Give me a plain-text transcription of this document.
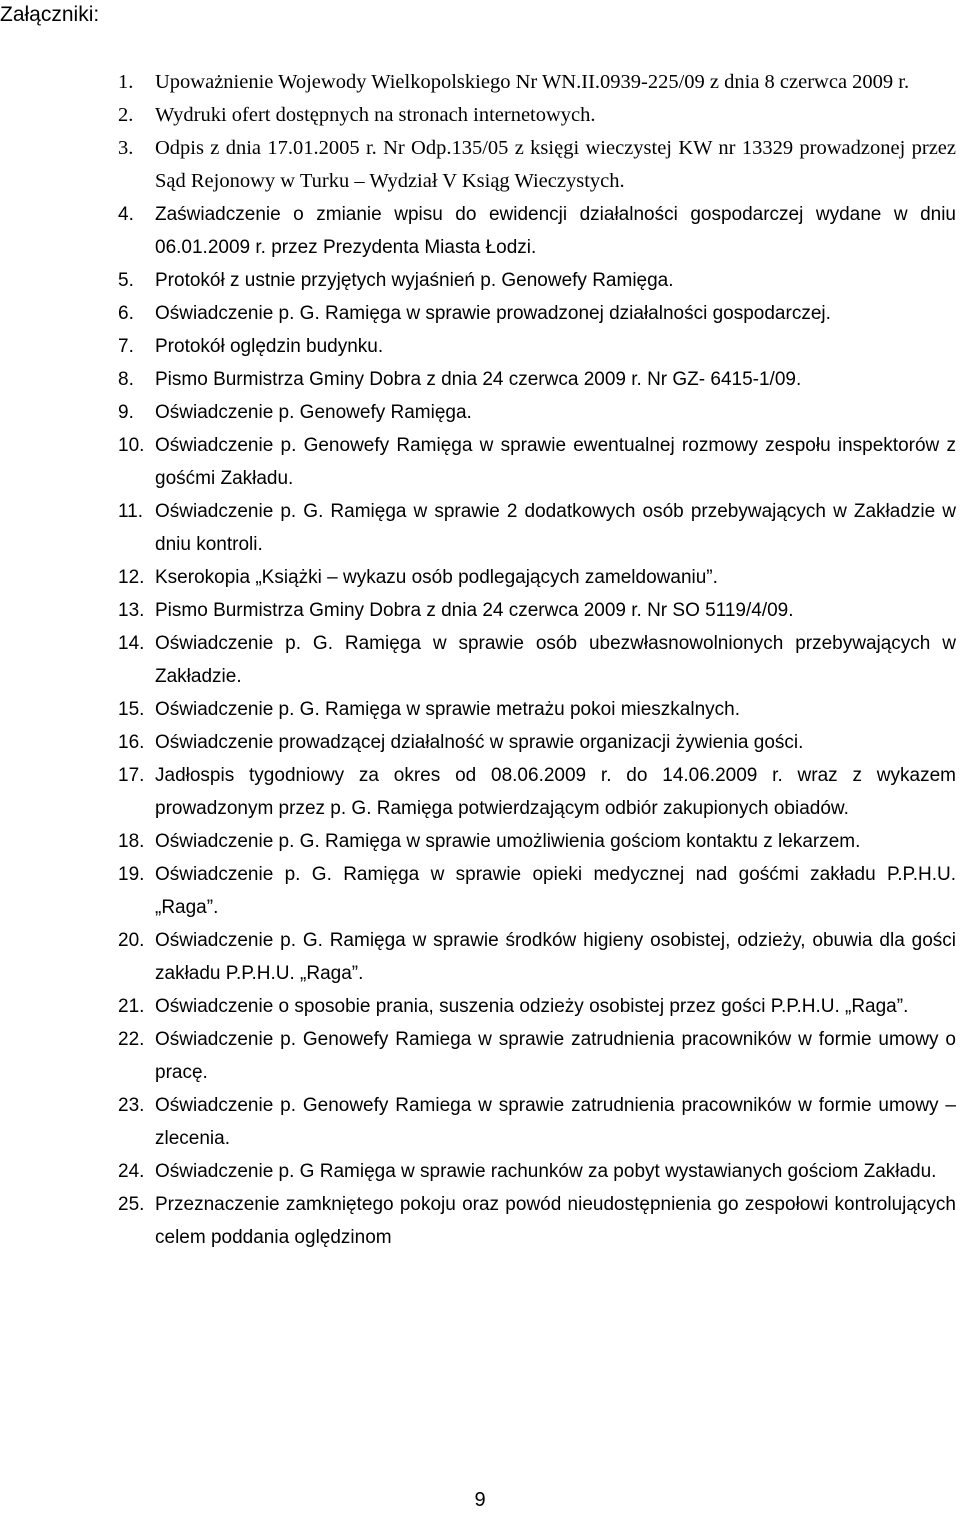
Załączniki:
1.	Upoważnienie Wojewody Wielkopolskiego Nr WN.II.0939-225/09 z dnia 8 czerwca 2009 r.
2.	Wydruki ofert dostępnych na stronach internetowych.
3.	Odpis z dnia 17.01.2005 r. Nr Odp.135/05 z księgi wieczystej KW nr 13329 prowadzonej przez Sąd Rejonowy w Turku – Wydział V Ksiąg Wieczystych.
4.	Zaświadczenie o zmianie wpisu do ewidencji działalności gospodarczej wydane w dniu 06.01.2009 r. przez Prezydenta Miasta Łodzi.
5.	Protokół z ustnie przyjętych wyjaśnień p. Genowefy Ramięga.
6.	Oświadczenie p. G. Ramięga w sprawie prowadzonej działalności gospodarczej.
7.	Protokół oględzin budynku.
8.	Pismo Burmistrza Gminy Dobra z dnia 24 czerwca 2009 r. Nr GZ- 6415-1/09.
9.	Oświadczenie p. Genowefy Ramięga.
10. Oświadczenie p. Genowefy Ramięga w sprawie ewentualnej rozmowy zespołu inspektorów z gośćmi Zakładu.
11. Oświadczenie p. G. Ramięga w sprawie 2 dodatkowych osób przebywających w Zakładzie w dniu kontroli.
12. Kserokopia „Książki – wykazu osób podlegających zameldowaniu”.
13. Pismo Burmistrza Gminy Dobra z dnia 24 czerwca 2009 r. Nr SO 5119/4/09.
14. Oświadczenie p. G. Ramięga w sprawie osób ubezwłasnowolnionych przebywających w Zakładzie.
15. Oświadczenie p. G. Ramięga w sprawie metrażu pokoi mieszkalnych.
16. Oświadczenie prowadzącej działalność w sprawie organizacji żywienia gości.
17. Jadłospis tygodniowy za okres od 08.06.2009 r. do 14.06.2009 r. wraz z wykazem prowadzonym przez p. G. Ramięga potwierdzającym odbiór zakupionych obiadów.
18. Oświadczenie p. G. Ramięga w sprawie umożliwienia gościom kontaktu z lekarzem.
19. Oświadczenie p. G. Ramięga w sprawie opieki medycznej nad gośćmi zakładu P.P.H.U. „Raga”.
20. Oświadczenie p. G. Ramięga w sprawie środków higieny osobistej, odzieży, obuwia dla gości zakładu P.P.H.U. „Raga”.
21. Oświadczenie o sposobie prania, suszenia odzieży osobistej przez gości P.P.H.U. „Raga”.
22. Oświadczenie p. Genowefy Ramiega w sprawie zatrudnienia pracowników w formie umowy o pracę.
23. Oświadczenie p. Genowefy Ramiega w sprawie zatrudnienia pracowników w formie umowy – zlecenia.
24. Oświadczenie p. G Ramięga w sprawie rachunków za pobyt wystawianych gościom Zakładu.
25. Przeznaczenie zamkniętego pokoju oraz powód nieudostępnienia go zespołowi kontrolujących celem poddania oględzinom
9
